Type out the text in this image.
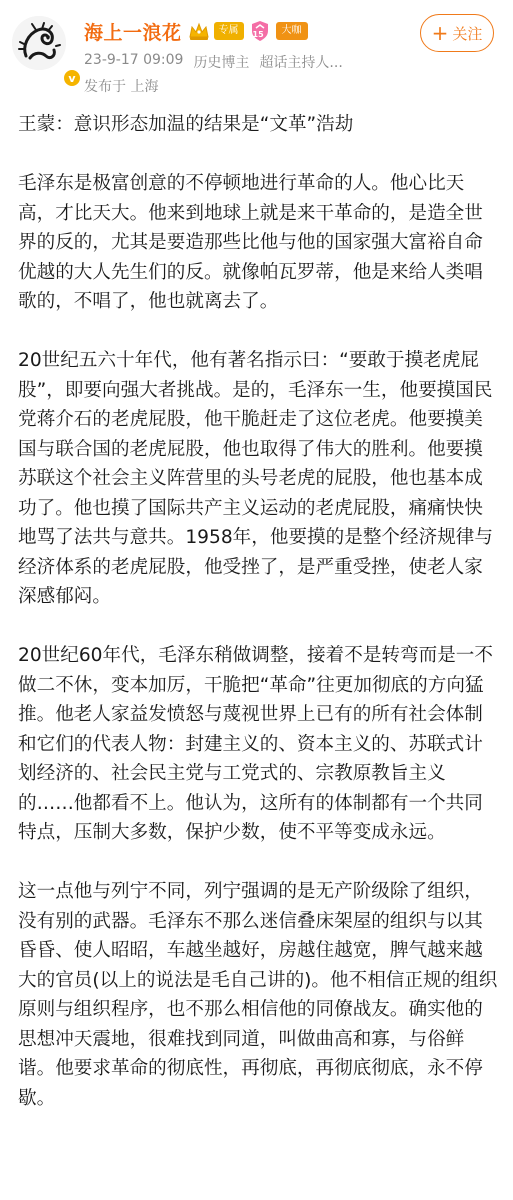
v
海上一浪花	专属	15 大咖
23-9-17 09:09 历史博主 超话主持人...
发布于 上海
+ 关注

王蒙：意识形态加温的结果是“文革”浩劫

毛泽东是极富创意的不停顿地进行革命的人。他心比天高，才比天大。他来到地球上就是来干革命的，是造全世界的反的，尤其是要造那些比他与他的国家强大富裕自命优越的大人先生们的反。就像帕瓦罗蒂，他是来给人类唱歌的，不唱了，他也就离去了。

20世纪五六十年代，他有著名指示曰：“要敢于摸老虎屁股”，即要向强大者挑战。是的，毛泽东一生，他要摸国民党蒋介石的老虎屁股，他干脆赶走了这位老虎。他要摸美国与联合国的老虎屁股，他也取得了伟大的胜利。他要摸苏联这个社会主义阵营里的头号老虎的屁股，他也基本成功了。他也摸了国际共产主义运动的老虎屁股，痛痛快快地骂了法共与意共。1958年，他要摸的是整个经济规律与经济体系的老虎屁股，他受挫了，是严重受挫，使老人家深感郁闷。

20世纪60年代，毛泽东稍做调整，接着不是转弯而是一不做二不休，变本加厉，干脆把“革命”往更加彻底的方向猛推。他老人家益发愤怒与蔑视世界上已有的所有社会体制和它们的代表人物：封建主义的、资本主义的、苏联式计划经济的、社会民主党与工党式的、宗教原教旨主义的……他都看不上。他认为，这所有的体制都有一个共同特点，压制大多数，保护少数，使不平等变成永远。

这一点他与列宁不同，列宁强调的是无产阶级除了组织，没有别的武器。毛泽东不那么迷信叠床架屋的组织与以其昏昏、使人昭昭，车越坐越好，房越住越宽，脾气越来越大的官员(以上的说法是毛自己讲的)。他不相信正规的组织原则与组织程序，也不那么相信他的同僚战友。确实他的思想冲天震地，很难找到同道，叫做曲高和寡，与俗鲜谐。他要求革命的彻底性，再彻底，再彻底彻底，永不停歇。
